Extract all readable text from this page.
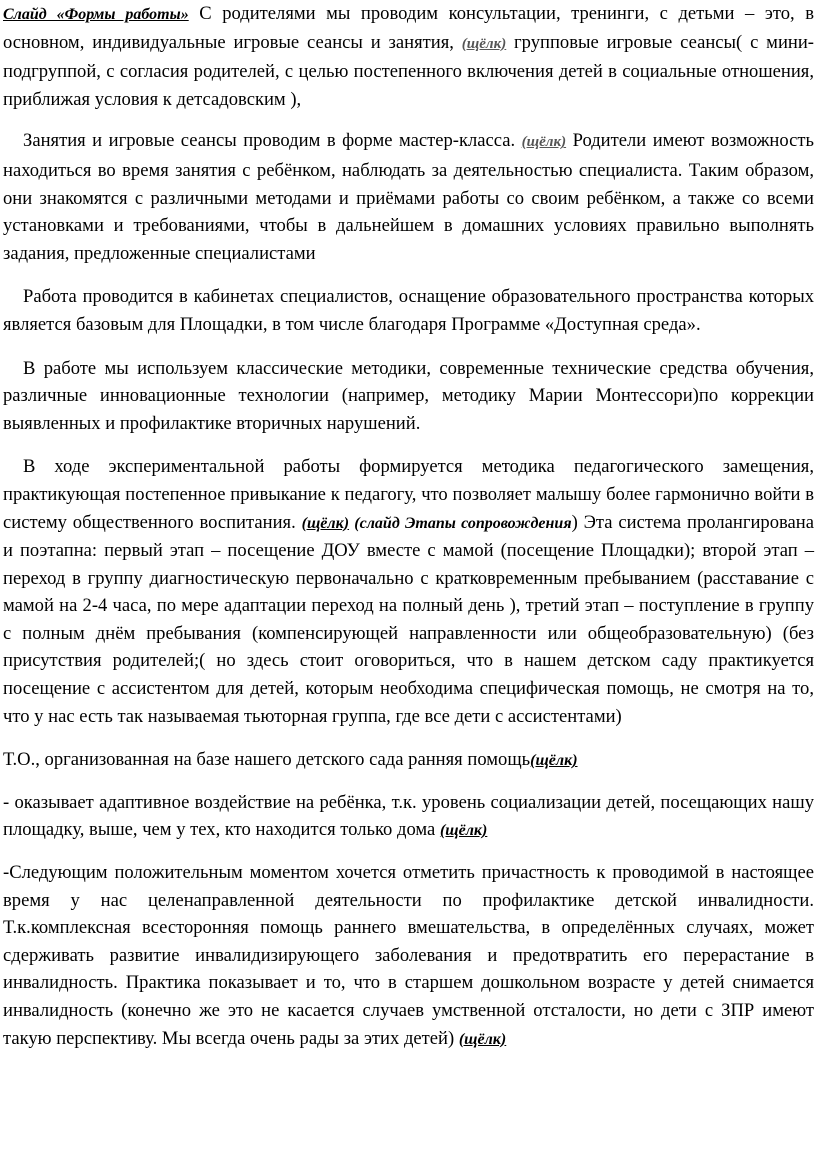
Слайд «Формы работы» С родителями мы проводим консультации, тренинги, с детьми – это, в основном, индивидуальные игровые сеансы и занятия, (щёлк) групповые игровые сеансы( с мини-подгруппой, с согласия родителей, с целью постепенного включения детей в социальные отношения, приближая условия к детсадовским ),

Занятия и игровые сеансы проводим в форме мастер-класса. (щёлк) Родители имеют возможность находиться во время занятия с ребёнком, наблюдать за деятельностью специалиста. Таким образом, они знакомятся с различными методами и приёмами работы со своим ребёнком, а также со всеми установками и требованиями, чтобы в дальнейшем в домашних условиях правильно выполнять задания, предложенные специалистами

Работа проводится в кабинетах специалистов, оснащение образовательного пространства которых является базовым для Площадки, в том числе благодаря Программе «Доступная среда».

В работе мы используем классические методики, современные технические средства обучения, различные инновационные технологии (например, методику Марии Монтессори)по коррекции выявленных и профилактике вторичных нарушений.

В ходе экспериментальной работы формируется методика педагогического замещения, практикующая постепенное привыкание к педагогу, что позволяет малышу более гармонично войти в систему общественного воспитания. (щёлк) (слайд Этапы сопровождения) Эта система пролангирована и поэтапна: первый этап – посещение ДОУ вместе с мамой (посещение Площадки); второй этап – переход в группу диагностическую первоначально с кратковременным пребыванием (расставание с мамой на 2-4 часа, по мере адаптации переход на полный день ), третий этап – поступление в группу с полным днём пребывания (компенсирующей направленности или общеобразовательную) (без присутствия родителей;( но здесь стоит оговориться, что в нашем детском саду практикуется посещение с ассистентом для детей, которым необходима специфическая помощь, не смотря на то, что у нас есть так называемая тьюторная группа, где все дети с ассистентами)

Т.О., организованная на базе нашего детского сада ранняя помощь(щёлк)

- оказывает адаптивное воздействие на ребёнка, т.к. уровень социализации детей, посещающих нашу площадку, выше, чем у тех, кто находится только дома (щёлк)

-Следующим положительным моментом хочется отметить причастность к проводимой в настоящее время у нас целенаправленной деятельности по профилактике детской инвалидности. Т.к.комплексная всесторонняя помощь раннего вмешательства, в определённых случаях, может сдерживать развитие инвалидизирующего заболевания и предотвратить его перерастание в инвалидность. Практика показывает и то, что в старшем дошкольном возрасте у детей снимается инвалидность (конечно же это не касается случаев умственной отсталости, но дети с ЗПР имеют такую перспективу. Мы всегда очень рады за этих детей) (щёлк)
